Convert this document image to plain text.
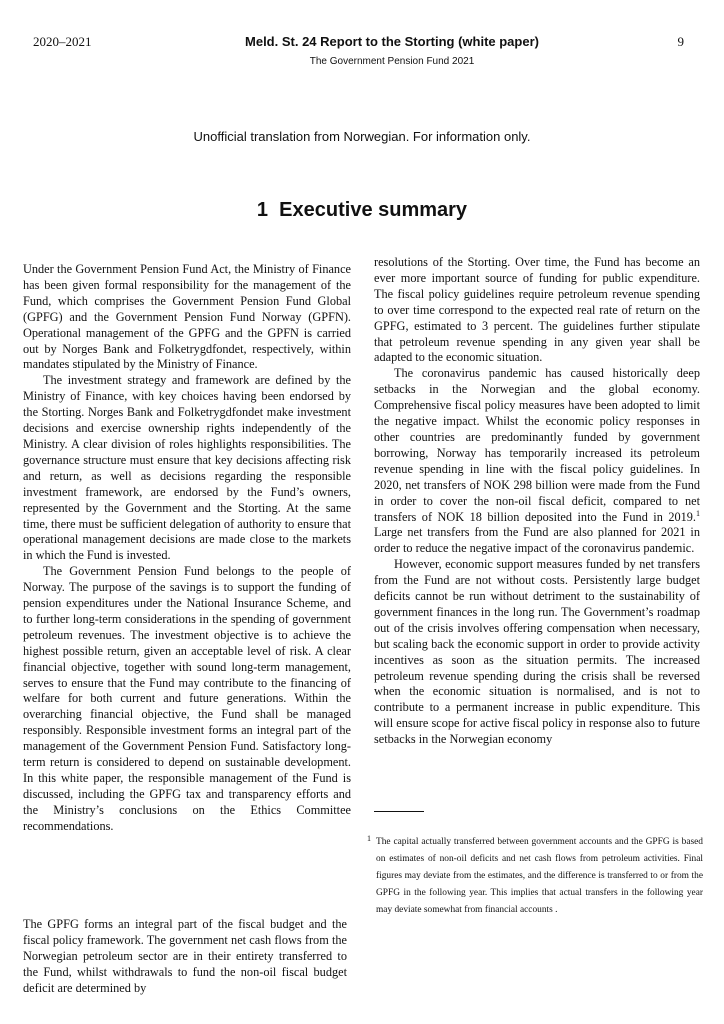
2020–2021	Meld. St. 24 Report to the Storting (white paper)	9
The Government Pension Fund 2021
Unofficial translation from Norwegian. For information only.
1 Executive summary

Under the Government Pension Fund Act, the Ministry of Finance has been given formal responsibility for the management of the Fund, which comprises the Government Pension Fund Global (GPFG) and the Government Pension Fund Norway (GPFN). Operational management of the GPFG and the GPFN is carried out by Norges Bank and Folketrygdfondet, respectively, within mandates stipulated by the Ministry of Finance.

The investment strategy and framework are defined by the Ministry of Finance, with key choices having been endorsed by the Storting. Norges Bank and Folketrygdfondet make investment decisions and exercise ownership rights independently of the Ministry. A clear division of roles highlights responsibilities. The governance structure must ensure that key decisions affecting risk and return, as well as decisions regarding the responsible investment framework, are endorsed by the Fund’s owners, represented by the Government and the Storting. At the same time, there must be sufficient delegation of authority to ensure that operational management decisions are made close to the markets in which the Fund is invested.

The Government Pension Fund belongs to the people of Norway. The purpose of the savings is to support the funding of pension expenditures under the National Insurance Scheme, and to further long-term considerations in the spending of government petroleum revenues. The investment objective is to achieve the highest possible return, given an acceptable level of risk. A clear financial objective, together with sound long-term management, serves to ensure that the Fund may contribute to the financing of welfare for both current and future generations. Within the overarching financial objective, the Fund shall be managed responsibly. Responsible investment forms an integral part of the management of the Government Pension Fund. Satisfactory long-term return is considered to depend on sustainable development. In this white paper, the responsible management of the Fund is discussed, including the GPFG tax and transparency efforts and the Ministry’s conclusions on the Ethics Committee recommendations.

The GPFG forms an integral part of the fiscal budget and the fiscal policy framework. The government net cash flows from the Norwegian petroleum sector are in their entirety transferred to the Fund, whilst withdrawals to fund the non-oil fiscal budget deficit are determined by

resolutions of the Storting. Over time, the Fund has become an ever more important source of funding for public expenditure. The fiscal policy guidelines require petroleum revenue spending to over time correspond to the expected real rate of return on the GPFG, estimated to 3 percent. The guidelines further stipulate that petroleum revenue spending in any given year shall be adapted to the economic situation.

The coronavirus pandemic has caused historically deep setbacks in the Norwegian and the global economy. Comprehensive fiscal policy measures have been adopted to limit the negative impact. Whilst the economic policy responses in other countries are predominantly funded by government borrowing, Norway has temporarily increased its petroleum revenue spending in line with the fiscal policy guidelines. In 2020, net transfers of NOK 298 billion were made from the Fund in order to cover the non-oil fiscal deficit, compared to net transfers of NOK 18 billion deposited into the Fund in 2019.$^1$ Large net transfers from the Fund are also planned for 2021 in order to reduce the negative impact of the coronavirus pandemic.

However, economic support measures funded by net transfers from the Fund are not without costs. Persistently large budget deficits cannot be run without detriment to the sustainability of government finances in the long run. The Government’s roadmap out of the crisis involves offering compensation when necessary, but scaling back the economic support in order to provide activity incentives as soon as the situation permits. The increased petroleum revenue spending during the crisis shall be reversed when the economic situation is normalised, and is not to contribute to a permanent increase in public expenditure. This will ensure scope for active fiscal policy in response also to future setbacks in the Norwegian economy

1 The capital actually transferred between government accounts and the GPFG is based on estimates of non-oil deficits and net cash flows from petroleum activities. Final figures may deviate from the estimates, and the difference is transferred to or from the GPFG in the following year. This implies that actual transfers in the following year may deviate somewhat from financial accounts .
